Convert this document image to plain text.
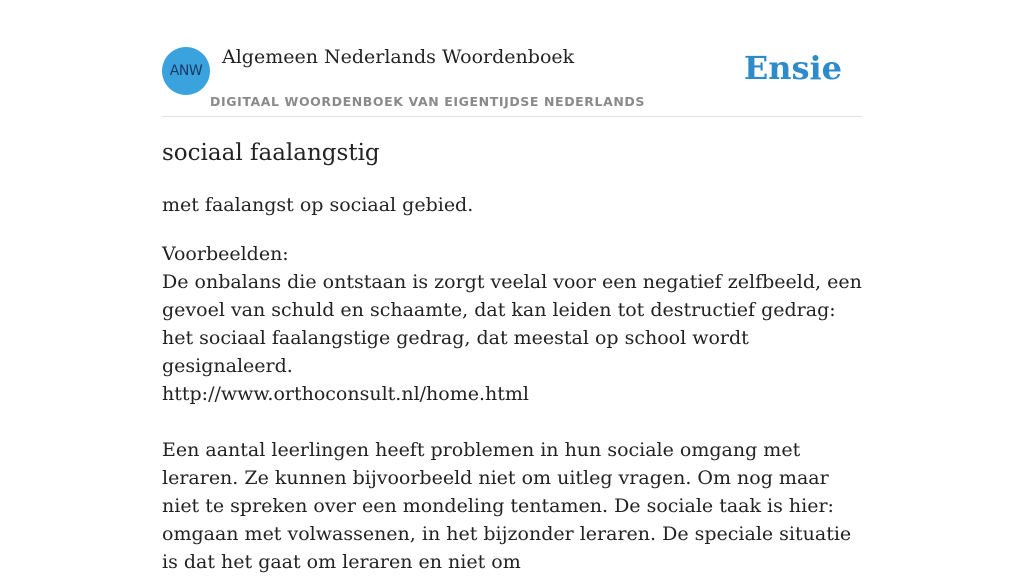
ANW
Algemeen Nederlands Woordenboek
DIGITAAL WOORDENBOEK VAN EIGENTIJDSE NEDERLANDS
Ensie
sociaal faalangstig
met faalangst op sociaal gebied.

Voorbeelden:

De onbalans die ontstaan is zorgt veelal voor een negatief zelfbeeld, een gevoel van schuld en schaamte, dat kan leiden tot destructief gedrag: het sociaal faalangstige gedrag, dat meestal op school wordt gesignaleerd.

http://www.orthoconsult.nl/home.html

Een aantal leerlingen heeft problemen in hun sociale omgang met leraren. Ze kunnen bijvoorbeeld niet om uitleg vragen. Om nog maar niet te spreken over een mondeling tentamen. De sociale taak is hier: omgaan met volwassenen, in het bijzonder leraren. De speciale situatie is dat het gaat om leraren en niet om
